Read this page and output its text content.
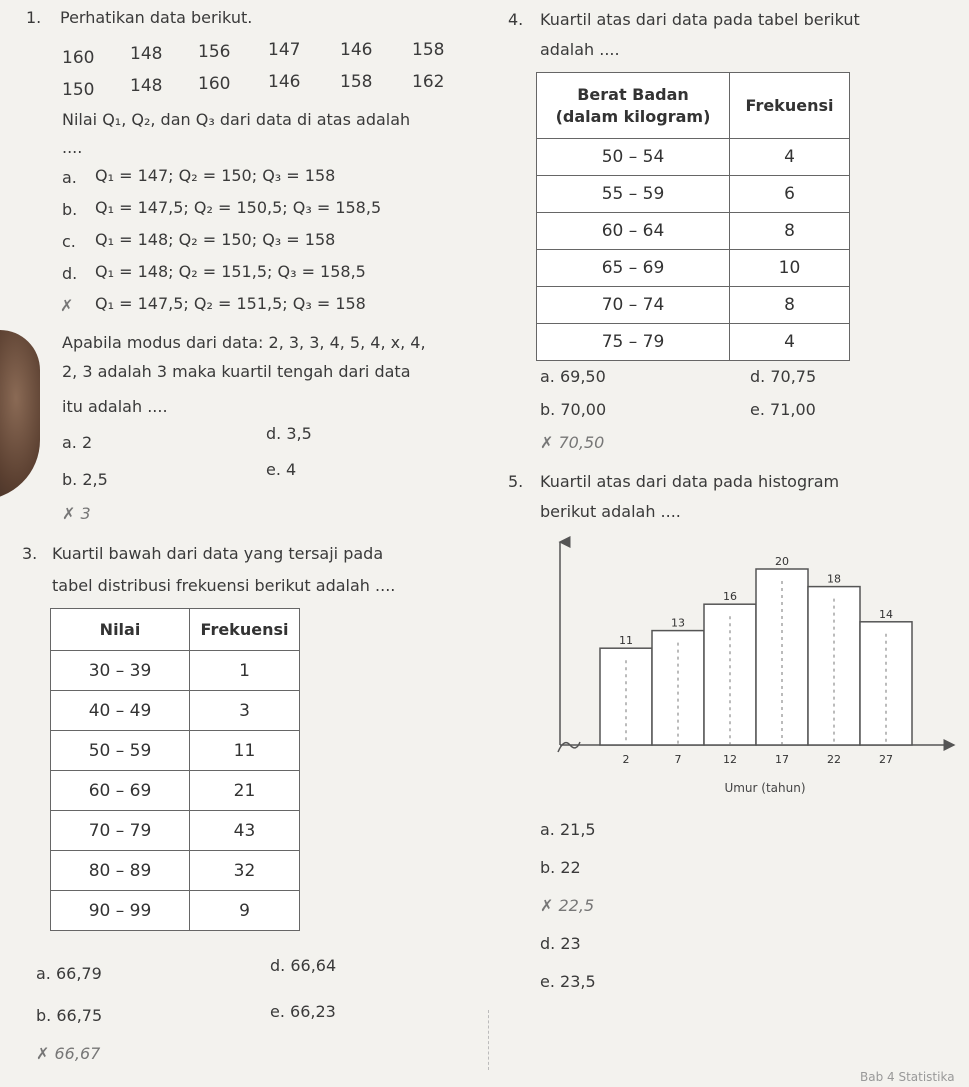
1. Perhatikan data berikut.
160 148 156 147 146 158
150 148 160 146 158 162
Nilai Q₁, Q₂, dan Q₃ dari data di atas adalah
....
a. Q₁ = 147; Q₂ = 150; Q₃ = 158
b. Q₁ = 147,5; Q₂ = 150,5; Q₃ = 158,5
c. Q₁ = 148; Q₂ = 150; Q₃ = 158
d. Q₁ = 148; Q₂ = 151,5; Q₃ = 158,5
✗ Q₁ = 147,5; Q₂ = 151,5; Q₃ = 158
Apabila modus dari data: 2, 3, 3, 4, 5, 4, x, 4,
2, 3 adalah 3 maka kuartil tengah dari data
itu adalah ....
a. 2
b. 2,5
✗ 3
d. 3,5
e. 4
3. Kuartil bawah dari data yang tersaji pada
tabel distribusi frekuensi berikut adalah ....
Nilai	Frekuensi
30 – 39	1
40 – 49	3
50 – 59	11
60 – 69	21
70 – 79	43
80 – 89	32
90 – 99	9
a. 66,79
b. 66,75
✗ 66,67
d. 66,64
e. 66,23
4. Kuartil atas dari data pada tabel berikut
adalah ....
Berat Badan
(dalam kilogram)	Frekuensi
50 – 54	4
55 – 59	6
60 – 64	8
65 – 69	10
70 – 74	8
75 – 79	4
a. 69,50
b. 70,00
✗ 70,50
d. 70,75
e. 71,00
5. Kuartil atas dari data pada histogram
berikut adalah ....
11
2
13
7
16
12
20
17
18
22
14
27
Umur (tahun)
a. 21,5
b. 22
✗ 22,5
d. 23
e. 23,5
Bab 4 Statistika
